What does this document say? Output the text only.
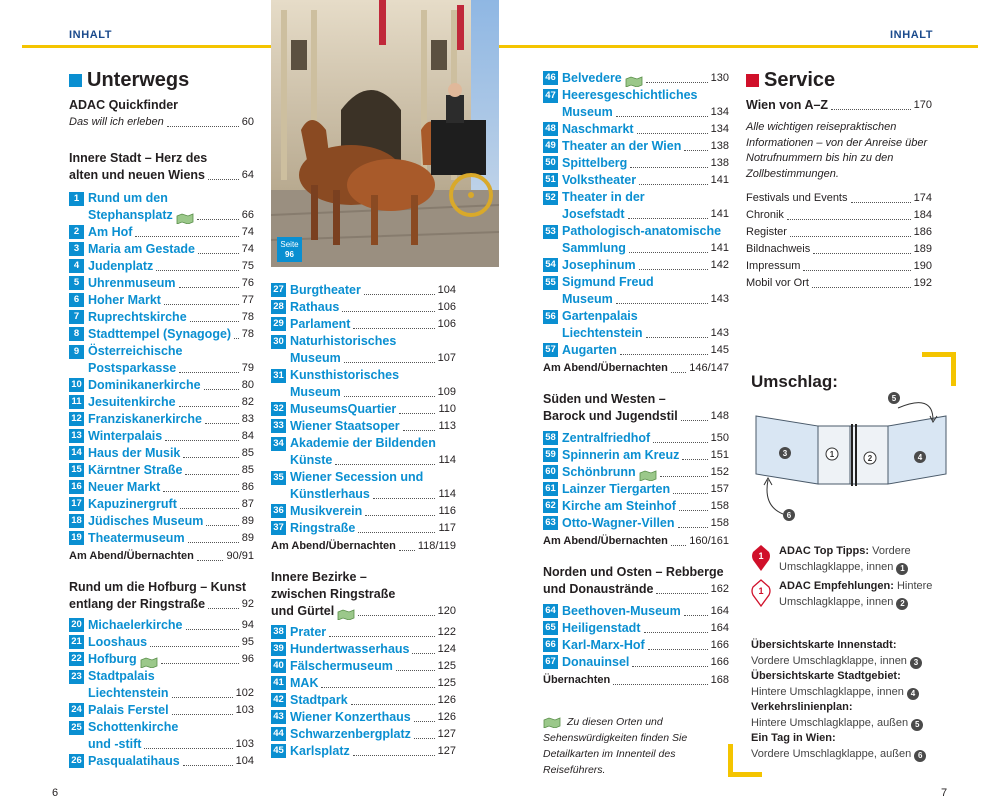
INHALT	INHALT
Seite
96
Unterwegs
ADAC Quickfinder
Das will ich erleben	60
Innere Stadt – Herz des
alten und neuen Wiens	64
1 Rund um den
Stephansplatz	66
2 Am Hof	74
3 Maria am Gestade	74
4 Judenplatz	75
5 Uhrenmuseum	76
6 Hoher Markt	77
7 Ruprechtskirche	78
8 Stadttempel (Synagoge) 78
9 Österreichische
Postsparkasse	79
10 Dominikanerkirche	80
11 Jesuitenkirche	82
12 Franziskanerkirche	83
13 Winterpalais	84
14 Haus der Musik	85
15 Kärntner Straße	85
16 Neuer Markt	86
17 Kapuzinergruft	87
18 Jüdisches Museum	89
19 Theatermuseum	89
Am Abend/Übernachten	90/91
Rund um die Hofburg – Kunst
entlang der Ringstraße	92
20 Michaelerkirche	94
21 Looshaus	95
22 Hofburg	96
23 Stadtpalais
Liechtenstein	102
24 Palais Ferstel	103
25 Schottenkirche
und -stift	103
26 Pasqualatihaus	104
27 Burgtheater	104
28 Rathaus	106
29 Parlament	106
30 Naturhistorisches
Museum	107
31 Kunsthistorisches
Museum	109
32 MuseumsQuartier	110
33 Wiener Staatsoper	113
34 Akademie der Bildenden
Künste	114
35 Wiener Secession und
Künstlerhaus	114
36 Musikverein	116
37 Ringstraße	117
Am Abend/Übernachten 118/119
Innere Bezirke –
zwischen Ringstraße
und Gürtel	120
38 Prater	122
39 Hundertwasserhaus	124
40 Fälschermuseum	125
41 MAK	125
42 Stadtpark	126
43 Wiener Konzerthaus 126
44 Schwarzenbergplatz 127
45 Karlsplatz	127
46 Belvedere	130
47 Heeresgeschichtliches
Museum	134
48 Naschmarkt	134
49 Theater an der Wien	138
50 Spittelberg	138
51 Volkstheater	141
52 Theater in der
Josefstadt	141
53 Pathologisch-anatomische
Sammlung	141
54 Josephinum	142
55 Sigmund Freud
Museum	143
56 Gartenpalais
Liechtenstein	143
57 Augarten	145
Am Abend/Übernachten 146/147
Süden und Westen –
Barock und Jugendstil	148
58 Zentralfriedhof	150
59 Spinnerin am Kreuz	151
60 Schönbrunn	152
61 Lainzer Tiergarten	157
62 Kirche am Steinhof	158
63 Otto-Wagner-Villen	158
Am Abend/Übernachten 160/161
Norden und Osten – Rebberge
und Donaustrände	162
64 Beethoven-Museum	164
65 Heiligenstadt	164
66 Karl-Marx-Hof	166
67 Donauinsel	166
Übernachten	168
Zu diesen Orten und Sehenswürdigkeiten finden Sie Detailkarten im Innenteil des Reiseführers.
Service
Wien von A–Z	170
Alle wichtigen reisepraktischen Informationen – von der Anreise über Notrufnummern bis hin zu den Zollbestimmungen.
Festivals und Events	174
Chronik	184
Register	186
Bildnachweis	189
Impressum	190
Mobil vor Ort	192
Umschlag:
3	1	2	4
5
6
1 ADAC Top Tipps: Vordere Umschlagklappe, innen 1
1 ADAC Empfehlungen: Hintere Umschlagklappe, innen 2
Übersichtskarte Innenstadt:
Vordere Umschlagklappe, innen 3
Übersichtskarte Stadtgebiet:
Hintere Umschlagklappe, innen 4
Verkehrslinienplan:
Hintere Umschlagklappe, außen 5
Ein Tag in Wien:
Vordere Umschlagklappe, außen 6
6	7
